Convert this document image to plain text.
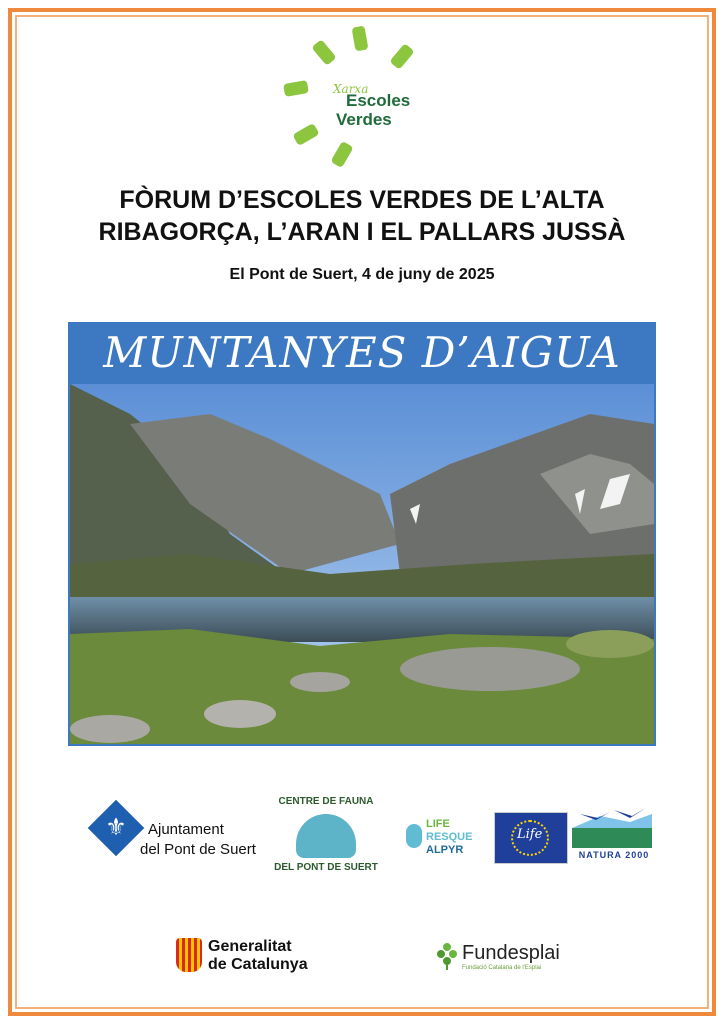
Xarxa
Escoles
Verdes
FÒRUM D’ESCOLES VERDES DE L’ALTA
RIBAGORÇA, L’ARAN I EL PALLARS JUSSÀ
El Pont de Suert, 4 de juny de 2025
MUNTANYES D’AIGUA
⚜	Ajuntament
del Pont de Suert
CENTRE DE FAUNA
DEL PONT DE SUERT
LIFE
RESQUE
ALPYR
Life
NATURA 2000
Generalitat
de Catalunya
Fundesplai
Fundació Catalana de l'Esplai
